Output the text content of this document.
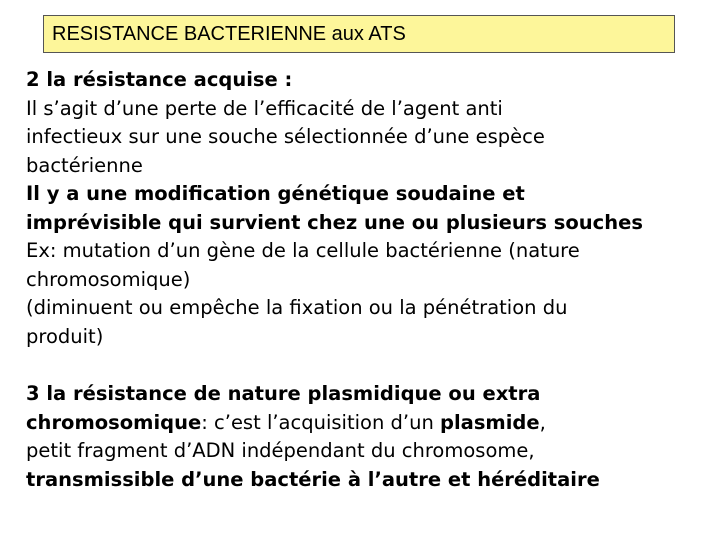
RESISTANCE BACTERIENNE aux ATS
2 la résistance acquise :
Il s’agit d’une perte de l’efficacité de l’agent anti
infectieux sur une souche sélectionnée d’une espèce
bactérienne
Il y a une modification génétique soudaine et
imprévisible qui survient chez une ou plusieurs souches
Ex: mutation d’un gène de la cellule bactérienne (nature
chromosomique)
(diminuent ou empêche la fixation ou la pénétration du
produit)
3 la résistance de nature plasmidique ou extra
chromosomique: c’est l’acquisition d’un plasmide,
petit fragment d’ADN indépendant du chromosome,
transmissible d’une bactérie à l’autre et héréditaire
